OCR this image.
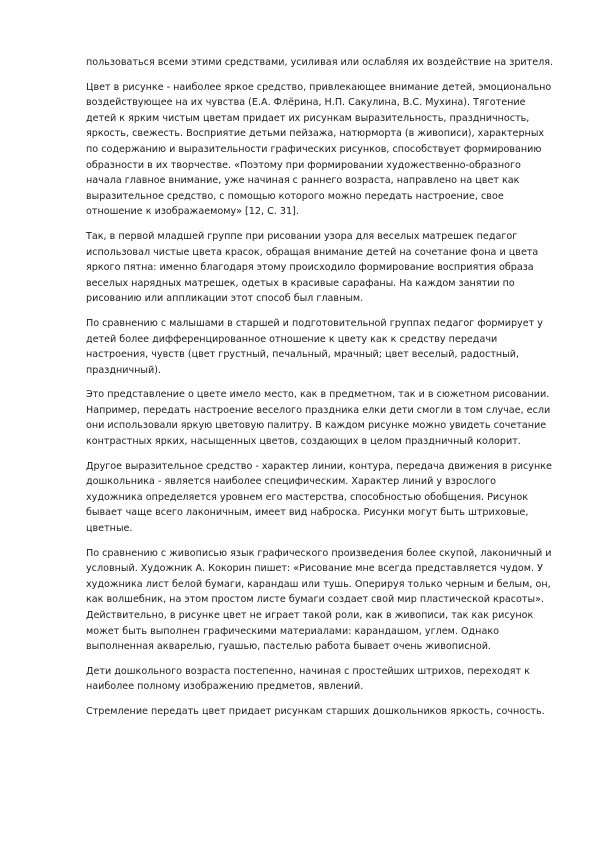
пользоваться всеми этими средствами, усиливая или ослабляя их воздействие на зрителя.

Цвет в рисунке - наиболее яркое средство, привлекающее внимание детей, эмоционально воздействующее на их чувства (Е.А. Флёрина, Н.П. Сакулина, В.С. Мухина). Тяготение детей к ярким чистым цветам придает их рисункам выразительность, праздничность, яркость, свежесть. Восприятие детьми пейзажа, натюрморта (в живописи), характерных по содержанию и выразительности графических рисунков, способствует формированию образности в их творчестве. «Поэтому при формировании художественно-образного начала главное внимание, уже начиная с раннего возраста, направлено на цвет как выразительное средство, с помощью которого можно передать настроение, свое отношение к изображаемому» [12, С. 31].

Так, в первой младшей группе при рисовании узора для веселых матрешек педагог использовал чистые цвета красок, обращая внимание детей на сочетание фона и цвета яркого пятна: именно благодаря этому происходило формирование восприятия образа веселых нарядных матрешек, одетых в красивые сарафаны. На каждом занятии по рисованию или аппликации этот способ был главным.

По сравнению с малышами в старшей и подготовительной группах педагог формирует у детей более дифференцированное отношение к цвету как к средству передачи настроения, чувств (цвет грустный, печальный, мрачный; цвет веселый, радостный, праздничный).

Это представление о цвете имело место, как в предметном, так и в сюжетном рисовании. Например, передать настроение веселого праздника елки дети смогли в том случае, если они использовали яркую цветовую палитру. В каждом рисунке можно увидеть сочетание контрастных ярких, насыщенных цветов, создающих в целом праздничный колорит.

Другое выразительное средство - характер линии, контура, передача движения в рисунке дошкольника - является наиболее специфическим. Характер линий у взрослого художника определяется уровнем его мастерства, способностью обобщения. Рисунок бывает чаще всего лаконичным, имеет вид наброска. Рисунки могут быть штриховые, цветные.

По сравнению с живописью язык графического произведения более скупой, лаконичный и условный. Художник А. Кокорин пишет: «Рисование мне всегда представляется чудом. У художника лист белой бумаги, карандаш или тушь. Оперируя только черным и белым, он, как волшебник, на этом простом листе бумаги создает свой мир пластической красоты». Действительно, в рисунке цвет не играет такой роли, как в живописи, так как рисунок может быть выполнен графическими материалами: карандашом, углем. Однако выполненная акварелью, гуашью, пастелью работа бывает очень живописной.

Дети дошкольного возраста постепенно, начиная с простейших штрихов, переходят к наиболее полному изображению предметов, явлений.

Стремление передать цвет придает рисункам старших дошкольников яркость, сочность.
